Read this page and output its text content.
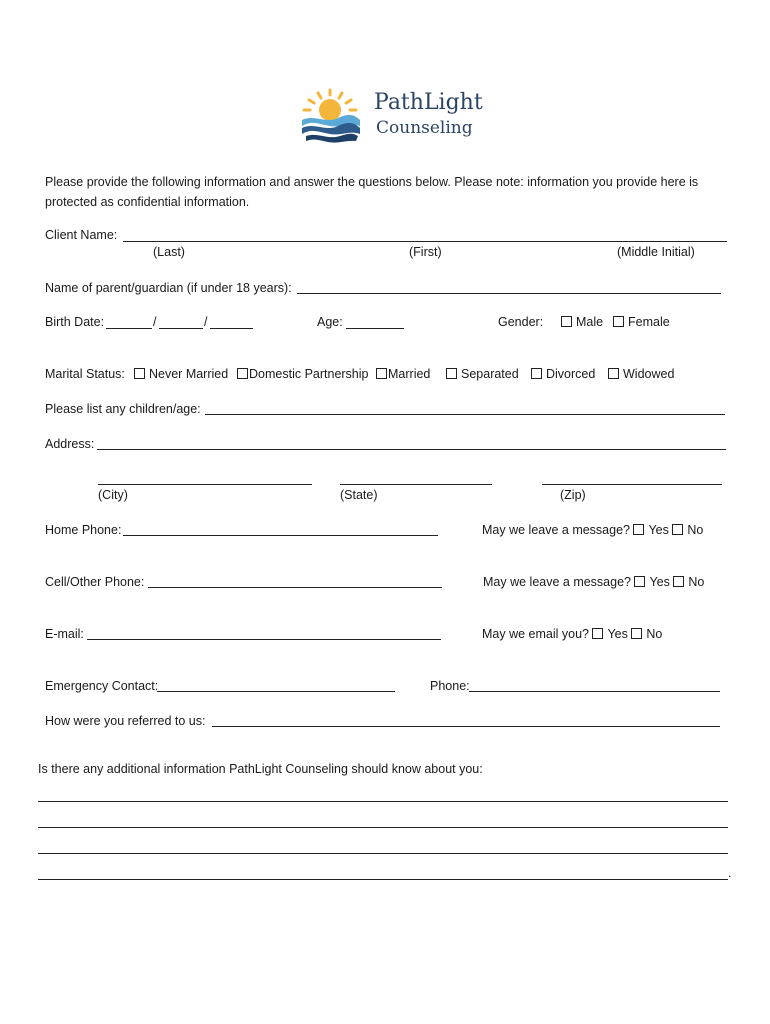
PathLight
Counseling
Please provide the following information and answer the questions below. Please note: information you provide here is
protected as confidential information.
Client Name:
(Last)	(First)	(Middle Initial)
Name of parent/guardian (if under 18 years):
Birth Date:	/	/	Age:	Gender:	Male	Female
Marital Status:	Never Married	Domestic Partnership	Married	Separated	Divorced	Widowed
Please list any children/age:
Address:
(City)	(State)	(Zip)
Home Phone:	May we leave a message? Yes No
Cell/Other Phone:	May we leave a message? Yes No
E-mail:	May we email you? Yes No
Emergency Contact:	Phone:
How were you referred to us:
Is there any additional information PathLight Counseling should know about you:
.
